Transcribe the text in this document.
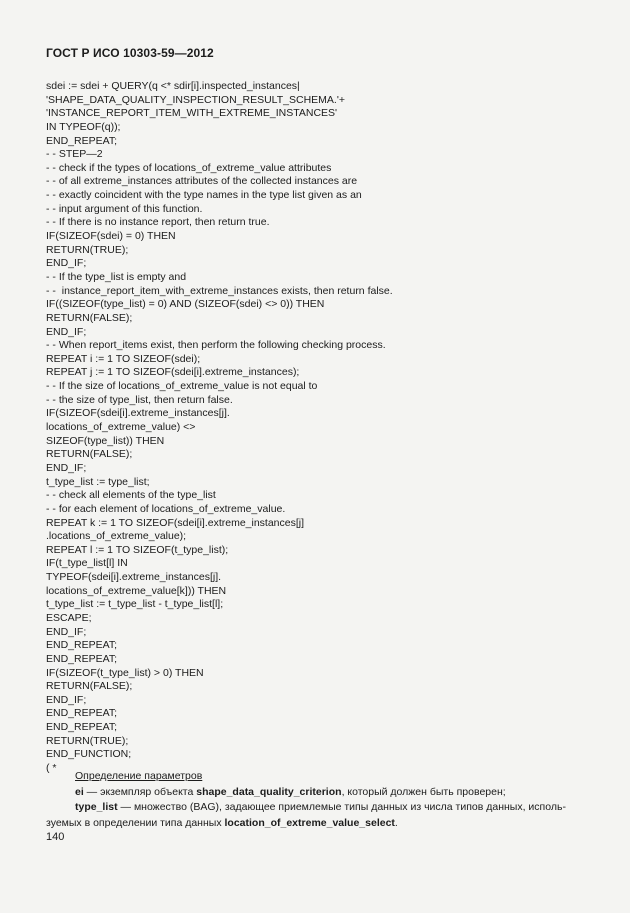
ГОСТ Р ИСО 10303-59—2012
sdei := sdei + QUERY(q <* sdir[i].inspected_instances|
'SHAPE_DATA_QUALITY_INSPECTION_RESULT_SCHEMA.'+
'INSTANCE_REPORT_ITEM_WITH_EXTREME_INSTANCES'
IN TYPEOF(q));
END_REPEAT;
- - STEP—2
- - check if the types of locations_of_extreme_value attributes
- - of all extreme_instances attributes of the collected instances are
- - exactly coincident with the type names in the type list given as an
- - input argument of this function.
- - If there is no instance report, then return true.
IF(SIZEOF(sdei) = 0) THEN
RETURN(TRUE);
END_IF;
- - If the type_list is empty and
- -  instance_report_item_with_extreme_instances exists, then return false.
IF((SIZEOF(type_list) = 0) AND (SIZEOF(sdei) <> 0)) THEN
RETURN(FALSE);
END_IF;
- - When report_items exist, then perform the following checking process.
REPEAT i := 1 TO SIZEOF(sdei);
REPEAT j := 1 TO SIZEOF(sdei[i].extreme_instances);
- - If the size of locations_of_extreme_value is not equal to
- - the size of type_list, then return false.
IF(SIZEOF(sdei[i].extreme_instances[j].
locations_of_extreme_value) <>
SIZEOF(type_list)) THEN
RETURN(FALSE);
END_IF;
t_type_list := type_list;
- - check all elements of the type_list
- - for each element of locations_of_extreme_value.
REPEAT k := 1 TO SIZEOF(sdei[i].extreme_instances[j]
.locations_of_extreme_value);
REPEAT l := 1 TO SIZEOF(t_type_list);
IF(t_type_list[l] IN
TYPEOF(sdei[i].extreme_instances[j].
locations_of_extreme_value[k])) THEN
t_type_list := t_type_list - t_type_list[l];
ESCAPE;
END_IF;
END_REPEAT;
END_REPEAT;
IF(SIZEOF(t_type_list) > 0) THEN
RETURN(FALSE);
END_IF;
END_REPEAT;
END_REPEAT;
RETURN(TRUE);
END_FUNCTION;
( *
Определение параметров
ei — экземпляр объекта shape_data_quality_criterion, который должен быть проверен;
type_list — множество (BAG), задающее приемлемые типы данных из числа типов данных, исполь-
зуемых в определении типа данных location_of_extreme_value_select.
140
